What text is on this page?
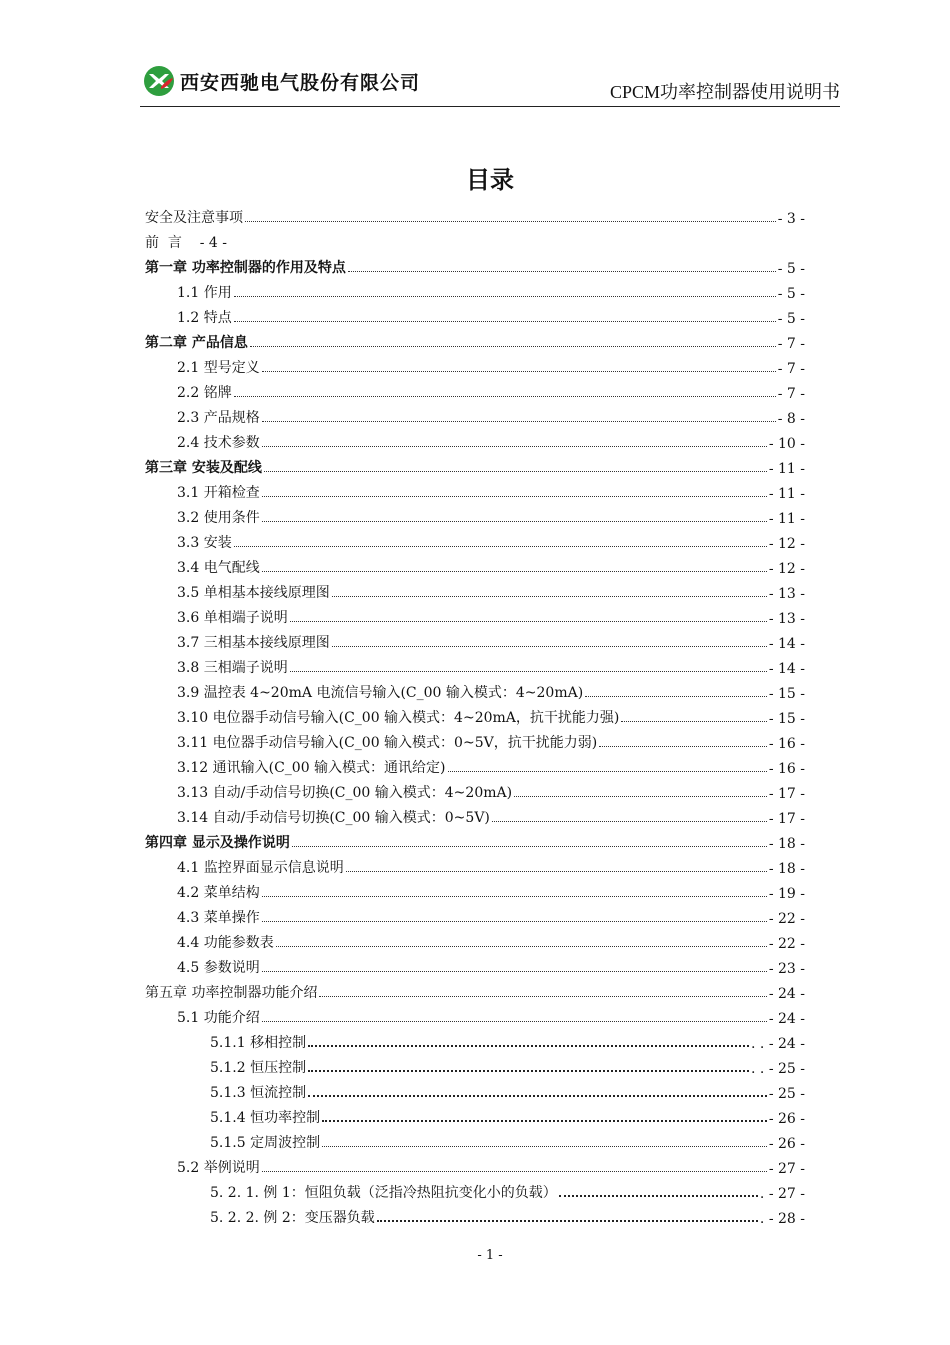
西安西驰电气股份有限公司	CPCM功率控制器使用说明书
目录
安全及注意事项	- 3 -
前  言    - 4 -
第一章 功率控制器的作用及特点	- 5 -
1.1 作用	- 5 -
1.2 特点	- 5 -
第二章 产品信息	- 7 -
2.1 型号定义	- 7 -
2.2 铭牌	- 7 -
2.3 产品规格	- 8 -
2.4 技术参数	- 10 -
第三章 安装及配线	- 11 -
3.1 开箱检查	- 11 -
3.2 使用条件	- 11 -
3.3 安装	- 12 -
3.4 电气配线	- 12 -
3.5 单相基本接线原理图	- 13 -
3.6 单相端子说明	- 13 -
3.7 三相基本接线原理图	- 14 -
3.8 三相端子说明	- 14 -
3.9 温控表 4~20mA 电流信号输入(C_00 输入模式：4~20mA)	- 15 -
3.10 电位器手动信号输入(C_00 输入模式：4~20mA，抗干扰能力强)	- 15 -
3.11 电位器手动信号输入(C_00 输入模式：0~5V，抗干扰能力弱)	- 16 -
3.12 通讯输入(C_00 输入模式：通讯给定)	- 16 -
3.13 自动/手动信号切换(C_00 输入模式：4~20mA)	- 17 -
3.14 自动/手动信号切换(C_00 输入模式：0~5V)	- 17 -
第四章 显示及操作说明	- 18 -
4.1 监控界面显示信息说明	- 18 -
4.2 菜单结构	- 19 -
4.3 菜单操作	- 22 -
4.4 功能参数表	- 22 -
4.5 参数说明	- 23 -
第五章 功率控制器功能介绍	- 24 -
5.1 功能介绍	- 24 -
5.1.1 移相控制	. . - 24 -
5.1.2 恒压控制	. . - 25 -
5.1.3 恒流控制	- 25 -
5.1.4 恒功率控制	- 26 -
5.1.5 定周波控制	- 26 -
5.2 举例说明	- 27 -
5. 2. 1. 例 1：恒阻负载（泛指冷热阻抗变化小的负载）	. - 27 -
5. 2. 2. 例 2：变压器负载	. - 28 -
- 1 -
